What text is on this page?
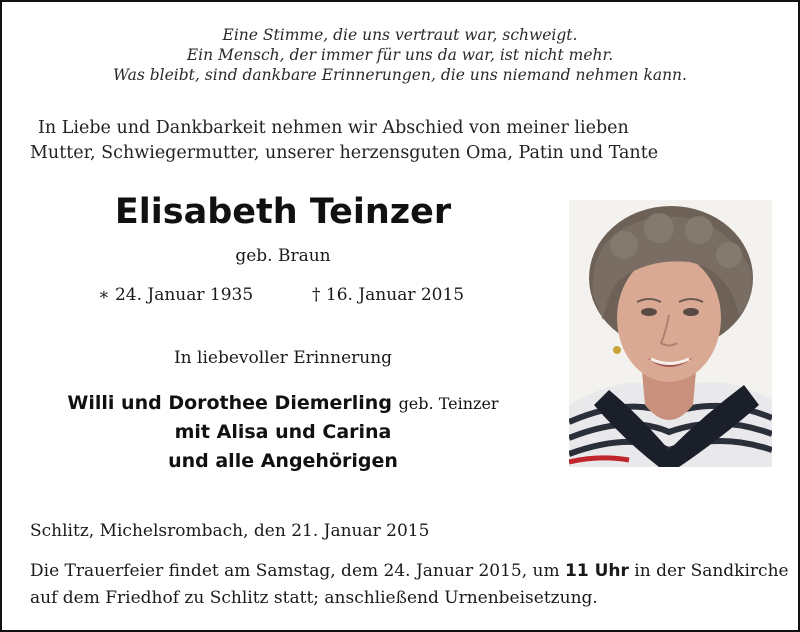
Eine Stimme, die uns vertraut war, schweigt.
Ein Mensch, der immer für uns da war, ist nicht mehr.
Was bleibt, sind dankbare Erinnerungen, die uns niemand nehmen kann.
In Liebe und Dankbarkeit nehmen wir Abschied von meiner lieben
Mutter, Schwiegermutter, unserer herzensguten Oma, Patin und Tante
Elisabeth Teinzer
geb. Braun
∗ 24. Januar 1935	† 16. Januar 2015
In liebevoller Erinnerung
Willi und Dorothee Diemerling geb. Teinzer
mit Alisa und Carina
und alle Angehörigen
Schlitz, Michelsrombach, den 21. Januar 2015
Die Trauerfeier findet am Samstag, dem 24. Januar 2015, um 11 Uhr in der Sandkirche
auf dem Friedhof zu Schlitz statt; anschließend Urnenbeisetzung.
